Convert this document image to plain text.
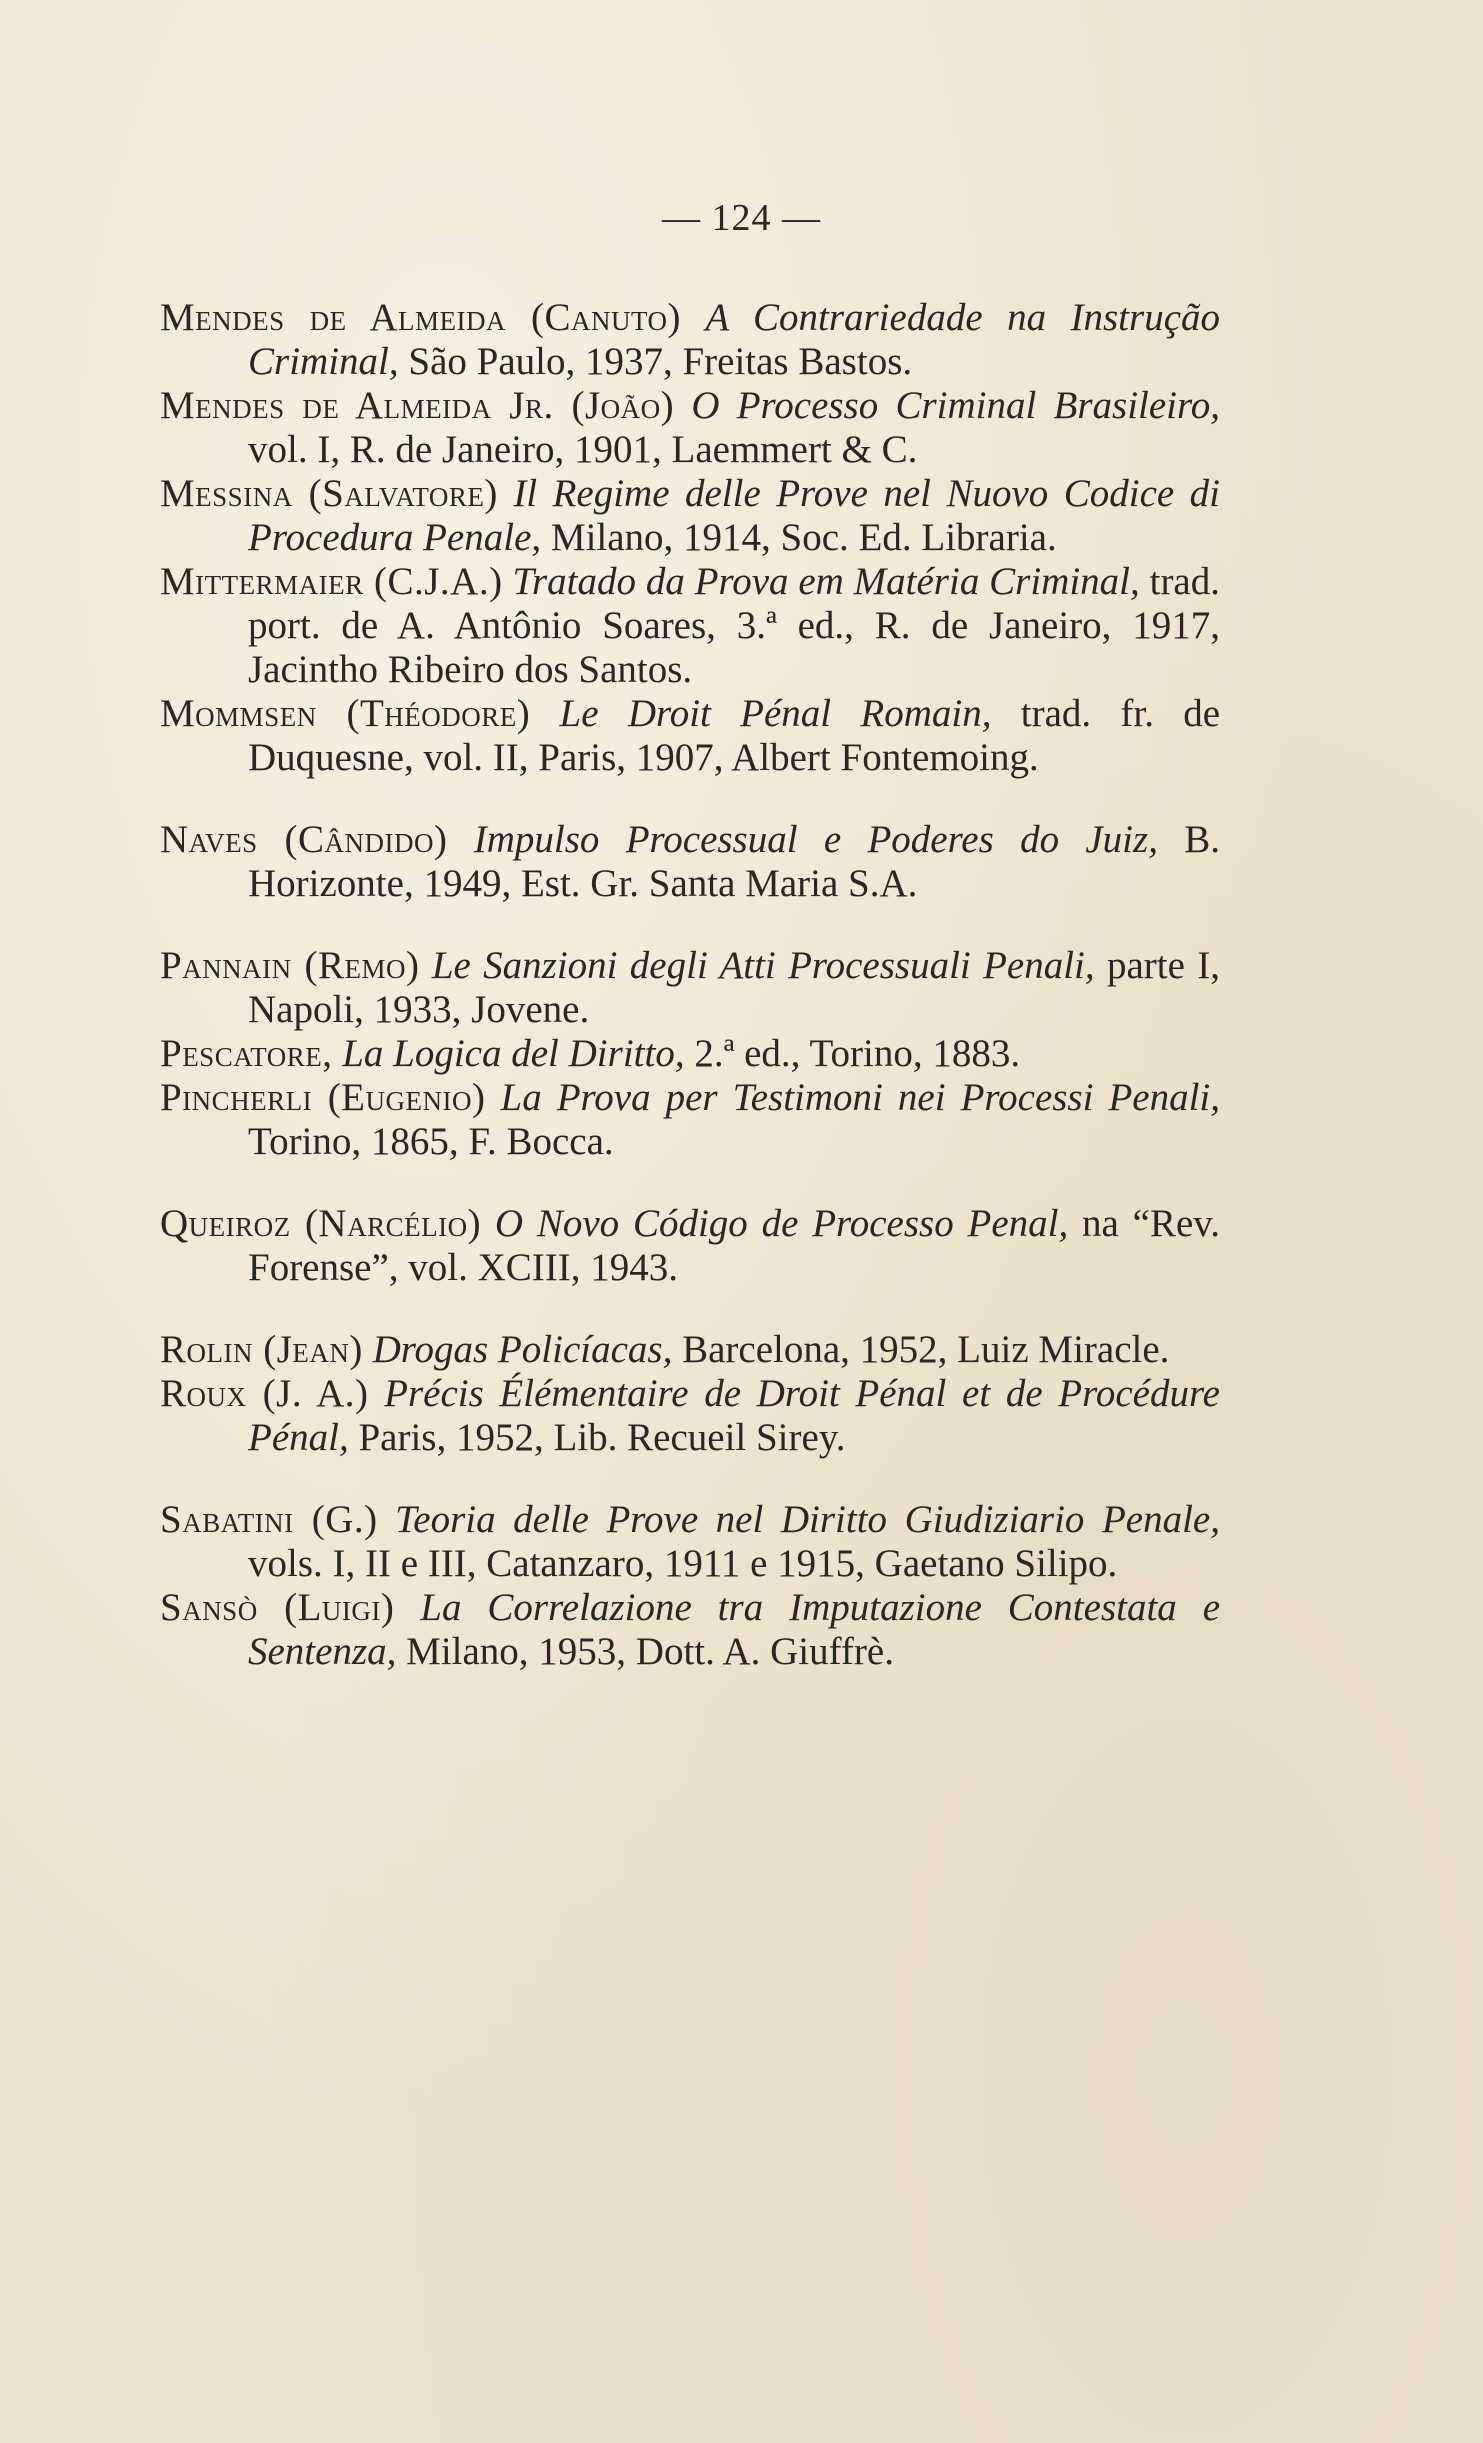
— 124 —

Mendes de Almeida (Canuto) A Contrariedade na Instrução Criminal, São Paulo, 1937, Freitas Bastos.

Mendes de Almeida Jr. (João) O Processo Criminal Brasileiro, vol. I, R. de Janeiro, 1901, Laemmert & C.

Messina (Salvatore) Il Regime delle Prove nel Nuovo Codice di Procedura Penale, Milano, 1914, Soc. Ed. Libraria.

Mittermaier (C.J.A.) Tratado da Prova em Matéria Criminal, trad. port. de A. Antônio Soares, 3.ª ed., R. de Janeiro, 1917, Jacintho Ribeiro dos Santos.

Mommsen (Théodore) Le Droit Pénal Romain, trad. fr. de Duquesne, vol. II, Paris, 1907, Albert Fontemoing.

Naves (Cândido) Impulso Processual e Poderes do Juiz, B. Horizonte, 1949, Est. Gr. Santa Maria S.A.

Pannain (Remo) Le Sanzioni degli Atti Processuali Penali, parte I, Napoli, 1933, Jovene.

Pescatore, La Logica del Diritto, 2.ª ed., Torino, 1883.

Pincherli (Eugenio) La Prova per Testimoni nei Processi Penali, Torino, 1865, F. Bocca.

Queiroz (Narcélio) O Novo Código de Processo Penal, na “Rev. Forense”, vol. XCIII, 1943.

Rolin (Jean) Drogas Policíacas, Barcelona, 1952, Luiz Miracle.

Roux (J. A.) Précis Élémentaire de Droit Pénal et de Procédure Pénal, Paris, 1952, Lib. Recueil Sirey.

Sabatini (G.) Teoria delle Prove nel Diritto Giudiziario Penale, vols. I, II e III, Catanzaro, 1911 e 1915, Gaetano Silipo.

Sansò (Luigi) La Correlazione tra Imputazione Contestata e Sentenza, Milano, 1953, Dott. A. Giuffrè.
